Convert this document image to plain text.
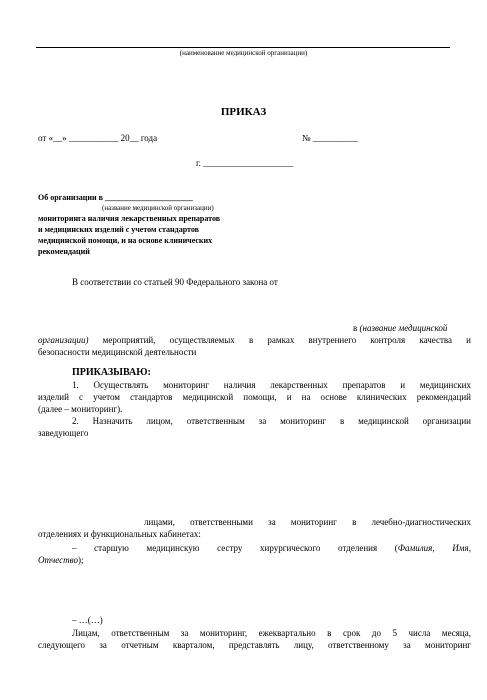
(наименование медицинской организации)
ПРИКАЗ
от «__» ___________ 20__ года	№ __________
г. ____________________
Об организации в ______________________
(название медицинской организации)
мониторинга наличия лекарственных препаратов
и медицинских изделий с учетом стандартов
медицинской помощи, и на основе клинических
рекомендаций
В соответствии со статьей 90 Федерального закона от
в (название медицинской
организации) мероприятий, осуществляемых в рамках внутреннего контроля качества и
безопасности медицинской деятельности
ПРИКАЗЫВАЮ:
1. Осуществлять мониторинг наличия лекарственных препаратов и медицинских
изделий с учетом стандартов медицинской помощи, и на основе клинических рекомендаций
(далее – мониторинг).
2. Назначить лицом, ответственным за мониторинг в медицинской организации
заведующего
лицами, ответственными за мониторинг в лечебно-диагностических
отделениях и функциональных кабинетах:
– старшую медицинскую сестру хирургического отделения (Фамилия, Имя,
Отчество);
– …(…)
Лицам, ответственным за мониторинг, ежеквартально в срок до 5 числа месяца,
следующего за отчетным кварталом, представлять лицу, ответственному за мониторинг
